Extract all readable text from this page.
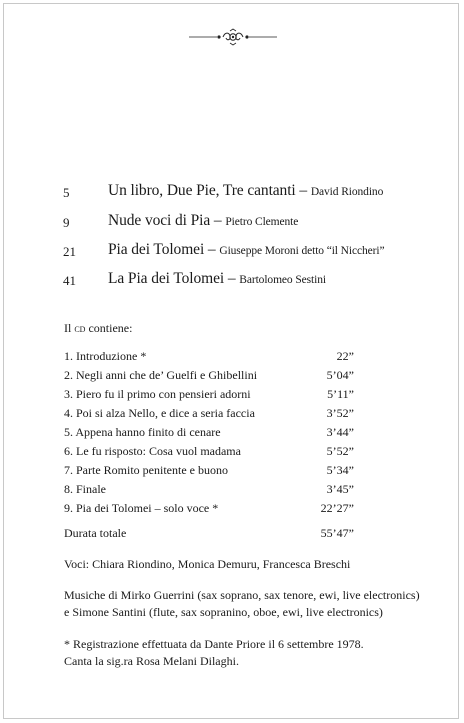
5 Un libro, Due Pie, Tre cantanti – David Riondino
9 Nude voci di Pia – Pietro Clemente
21 Pia dei Tolomei – Giuseppe Moroni detto “il Niccheri”
41 La Pia dei Tolomei – Bartolomeo Sestini
Il cd contiene:
1. Introduzione *	22”
2. Negli anni che de’ Guelfi e Ghibellini	5’04”
3. Piero fu il primo con pensieri adorni	5’11”
4. Poi si alza Nello, e dice a seria faccia	3’52”
5. Appena hanno finito di cenare	3’44”
6. Le fu risposto: Cosa vuol madama	5’52”
7. Parte Romito penitente e buono	5’34”
8. Finale	3’45”
9. Pia dei Tolomei – solo voce *	22’27”
Durata totale	55’47”
Voci: Chiara Riondino, Monica Demuru, Francesca Breschi
Musiche di Mirko Guerrini (sax soprano, sax tenore, ewi, live electronics)
e Simone Santini (flute, sax sopranino, oboe, ewi, live electronics)
* Registrazione effettuata da Dante Priore il 6 settembre 1978.
Canta la sig.ra Rosa Melani Dilaghi.
